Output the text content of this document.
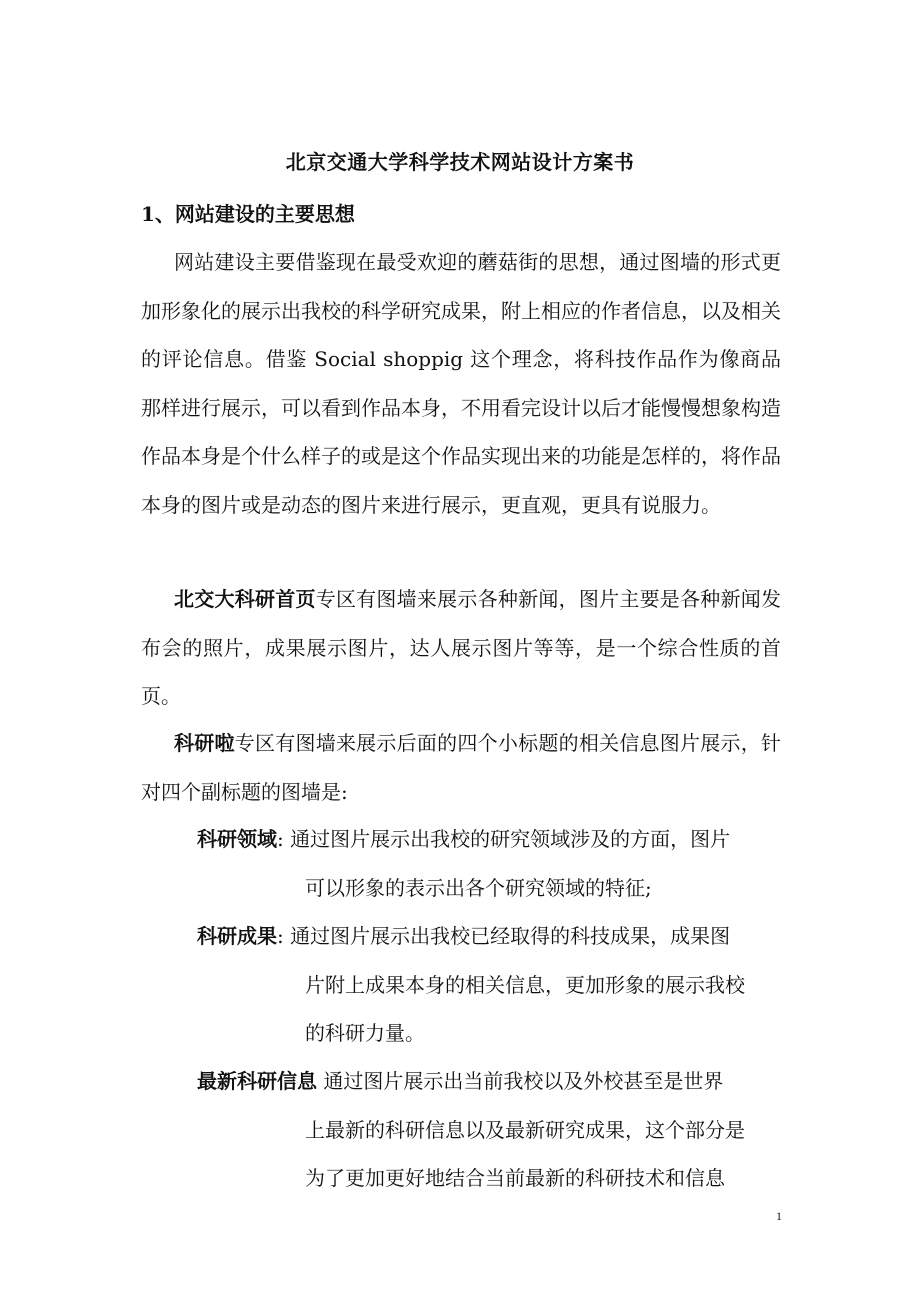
北京交通大学科学技术网站设计方案书
1、网站建设的主要思想
网站建设主要借鉴现在最受欢迎的蘑菇街的思想，通过图墙的形式更加形象化的展示出我校的科学研究成果，附上相应的作者信息，以及相关的评论信息。借鉴 Social shoppig 这个理念，将科技作品作为像商品那样进行展示，可以看到作品本身，不用看完设计以后才能慢慢想象构造作品本身是个什么样子的或是这个作品实现出来的功能是怎样的，将作品本身的图片或是动态的图片来进行展示，更直观，更具有说服力。
北交大科研首页专区有图墙来展示各种新闻，图片主要是各种新闻发布会的照片，成果展示图片，达人展示图片等等，是一个综合性质的首页。
科研啦专区有图墙来展示后面的四个小标题的相关信息图片展示，针对四个副标题的图墙是:
科研领域: 通过图片展示出我校的研究领域涉及的方面，图片
可以形象的表示出各个研究领域的特征;
科研成果: 通过图片展示出我校已经取得的科技成果，成果图
片附上成果本身的相关信息，更加形象的展示我校
的科研力量。
最新科研信息 通过图片展示出当前我校以及外校甚至是世界
上最新的科研信息以及最新研究成果，这个部分是
为了更加更好地结合当前最新的科研技术和信息
1
